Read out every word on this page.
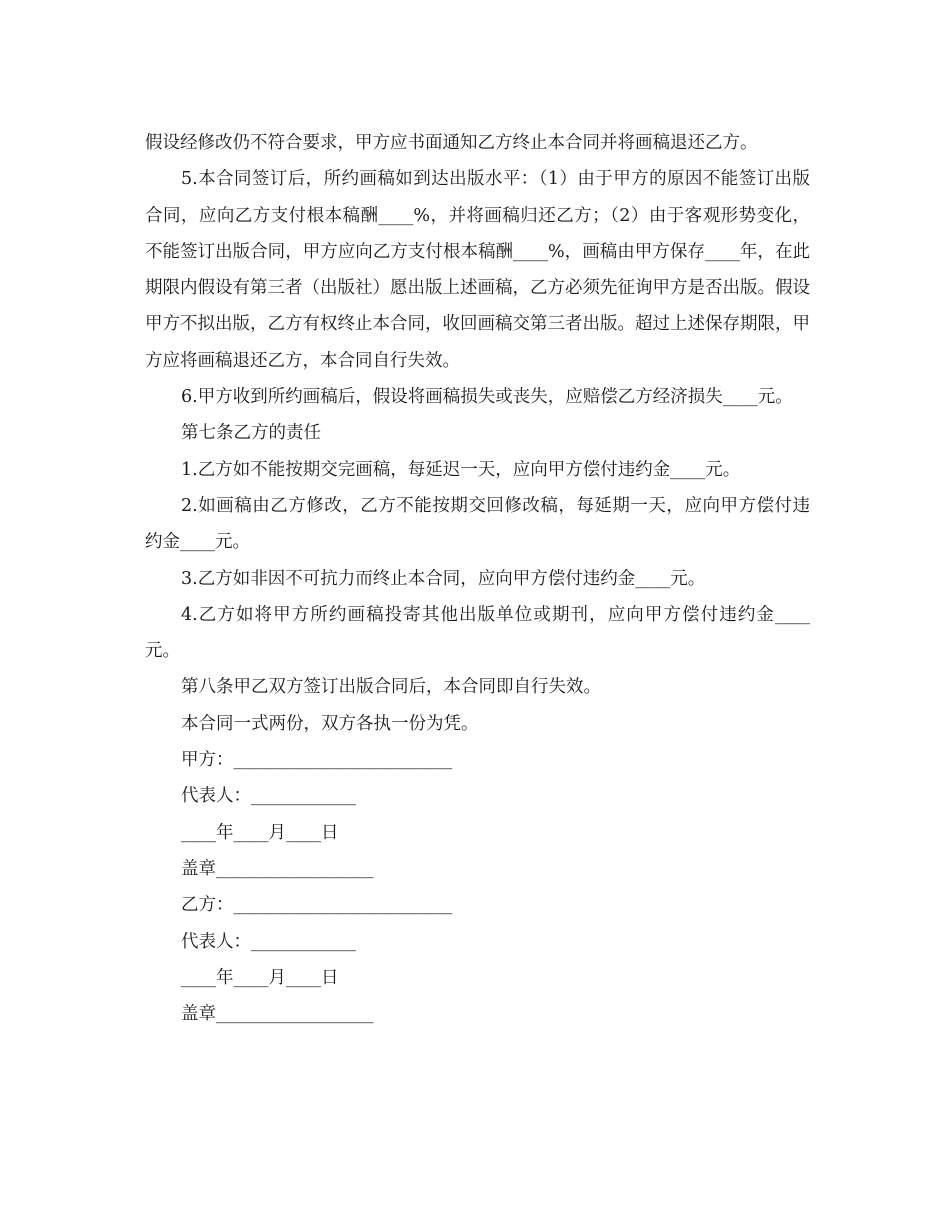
假设经修改仍不符合要求，甲方应书面通知乙方终止本合同并将画稿退还乙方。

5.本合同签订后，所约画稿如到达出版水平：（1）由于甲方的原因不能签订出版合同，应向乙方支付根本稿酬____%，并将画稿归还乙方；（2）由于客观形势变化，不能签订出版合同，甲方应向乙方支付根本稿酬____%，画稿由甲方保存____年，在此期限内假设有第三者（出版社）愿出版上述画稿，乙方必须先征询甲方是否出版。假设甲方不拟出版，乙方有权终止本合同，收回画稿交第三者出版。超过上述保存期限，甲方应将画稿退还乙方，本合同自行失效。

6.甲方收到所约画稿后，假设将画稿损失或丧失，应赔偿乙方经济损失____元。

第七条乙方的责任

1.乙方如不能按期交完画稿，每延迟一天，应向甲方偿付违约金____元。

2.如画稿由乙方修改，乙方不能按期交回修改稿，每延期一天，应向甲方偿付违约金____元。

3.乙方如非因不可抗力而终止本合同，应向甲方偿付违约金____元。

4.乙方如将甲方所约画稿投寄其他出版单位或期刊，应向甲方偿付违约金____元。

第八条甲乙双方签订出版合同后，本合同即自行失效。

本合同一式两份，双方各执一份为凭。

甲方：_________________________

代表人：____________

____年____月____日

盖章__________________

乙方：_________________________

代表人：____________

____年____月____日

盖章__________________
